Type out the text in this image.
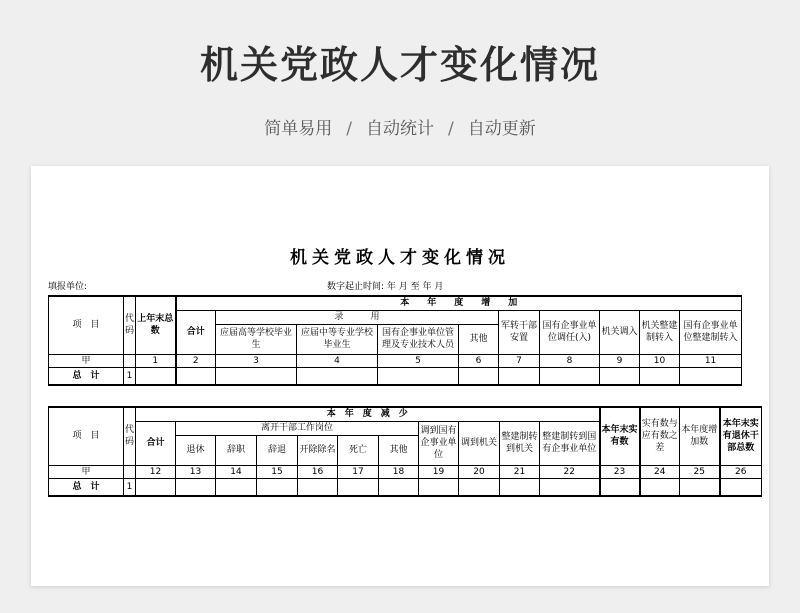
机关党政人才变化情况
简单易用 / 自动统计 / 自动更新
机关党政人才变化情况
填报单位:	数字起止时间: 年 月 至 年 月
项　目	代码	上年末总数	本　　年　　度　　增　　加									
			合计	录　　　用				军转干部安置	国有企事业单位调任(入)	机关调入	机关整建制转入	国有企事业单位整建制转入
				应届高等学校毕业生	应届中等专业学校毕业生	国有企事业单位管理及专业技术人员	其他					
甲		1	2	3	4	5	6	7	8	9	10	11
总　计	1											
项　目	代码	本　年　度　减　少											本年末实有数	实有数与应有数之差	本年度增加数	本年末实有退休干部总数
		合计	离开干部工作岗位						调到国有企事业单位	调到机关	整建制转到机关	整建制转到国有企事业单位				
			退休	辞职	辞退	开除除名	死亡	其他								
甲		12	13	14	15	16	17	18	19	20	21	22	23	24	25	26
总　计	1															
